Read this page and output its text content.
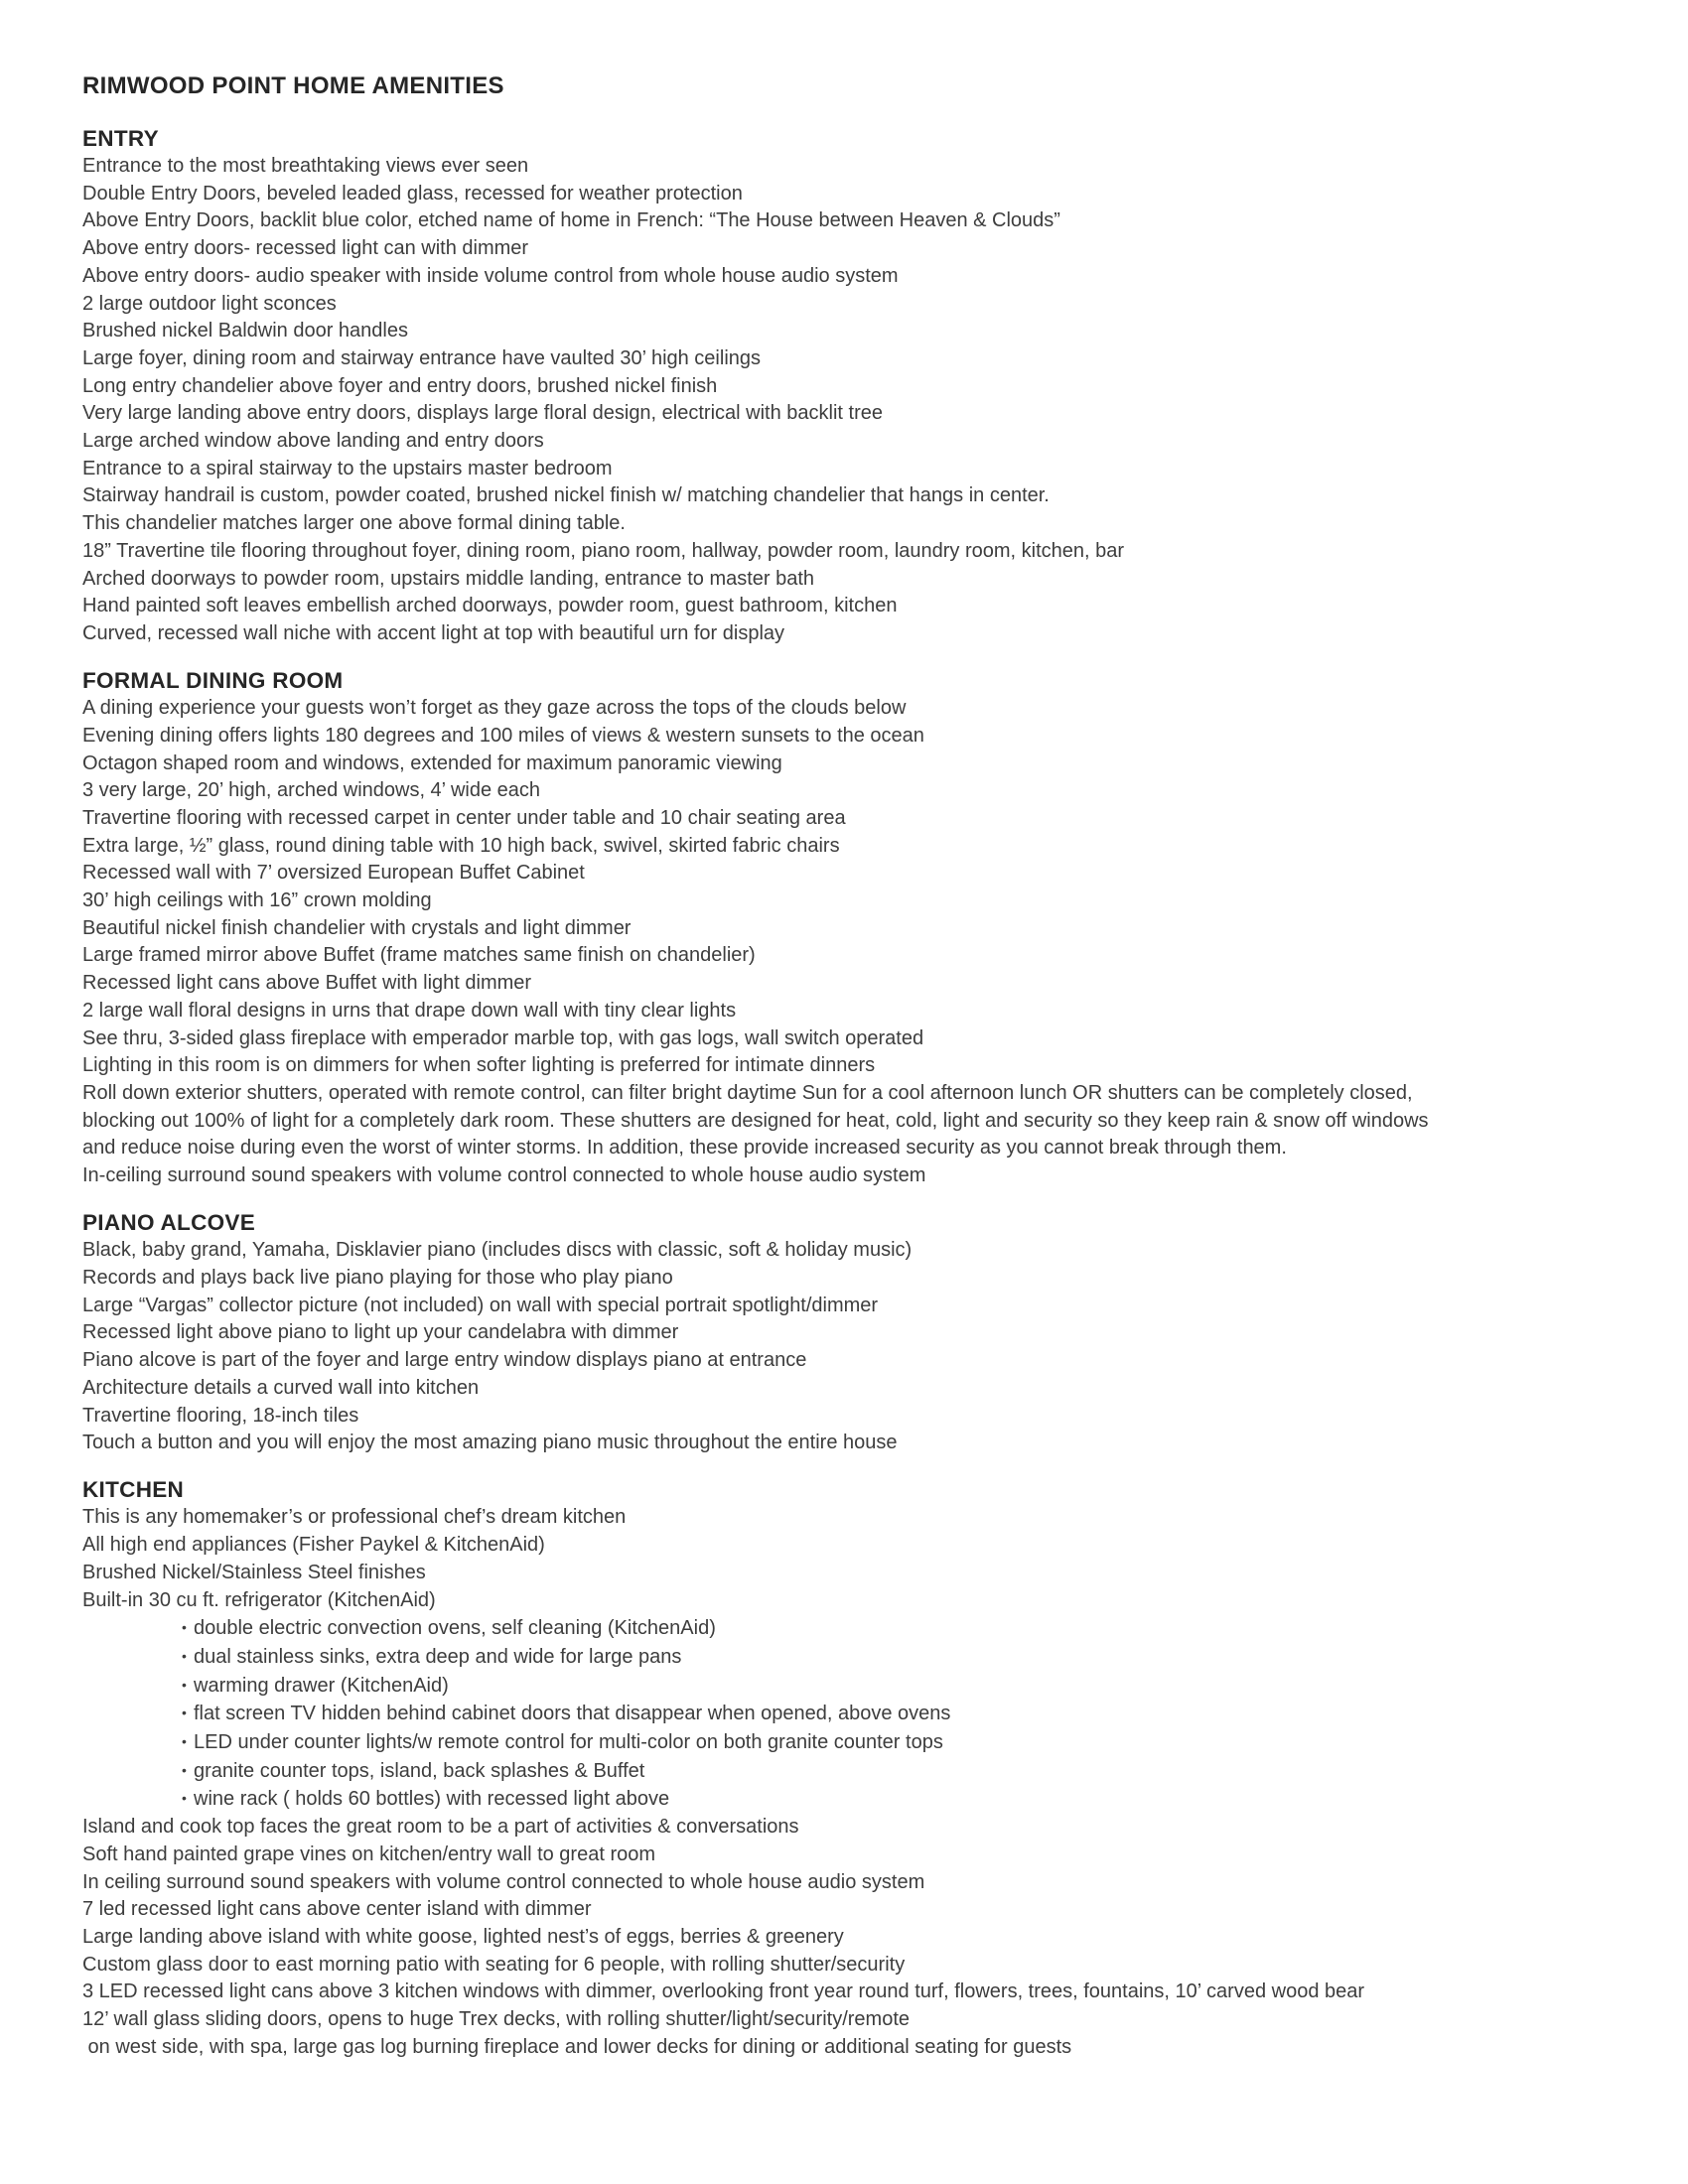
RIMWOOD POINT HOME AMENITIES
ENTRY
Entrance to the most breathtaking views ever seen
Double Entry Doors, beveled leaded glass, recessed for weather protection
Above Entry Doors, backlit blue color, etched name of home in French: “The House between Heaven & Clouds”
Above entry doors- recessed light can with dimmer
Above entry doors- audio speaker with inside volume control from whole house audio system
2 large outdoor light sconces
Brushed nickel Baldwin door handles
Large foyer, dining room and stairway entrance have vaulted 30’ high ceilings
Long entry chandelier above foyer and entry doors, brushed nickel finish
Very large landing above entry doors, displays large floral design, electrical with backlit tree
Large arched window above landing and entry doors
Entrance to a spiral stairway to the upstairs master bedroom
Stairway handrail is custom, powder coated, brushed nickel finish w/ matching chandelier that hangs in center.
This chandelier matches larger one above formal dining table.
18” Travertine tile flooring throughout foyer, dining room, piano room, hallway, powder room, laundry room, kitchen, bar
Arched doorways to powder room, upstairs middle landing, entrance to master bath
Hand painted soft leaves embellish arched doorways, powder room, guest bathroom, kitchen
Curved, recessed wall niche with accent light at top with beautiful urn for display
FORMAL DINING ROOM
A dining experience your guests won’t forget as they gaze across the tops of the clouds below
Evening dining offers lights 180 degrees and 100 miles of views & western sunsets to the ocean
Octagon shaped room and windows, extended for maximum panoramic viewing
3 very large, 20’ high, arched windows, 4’ wide each
Travertine flooring with recessed carpet in center under table and 10 chair seating area
Extra large, ½” glass, round dining table with 10 high back, swivel, skirted fabric chairs
Recessed wall with 7’ oversized European Buffet Cabinet
30’ high ceilings with 16” crown molding
Beautiful nickel finish chandelier with crystals and light dimmer
Large framed mirror above Buffet (frame matches same finish on chandelier)
Recessed light cans above Buffet with light dimmer
2 large wall floral designs in urns that drape down wall with tiny clear lights
See thru, 3-sided glass fireplace with emperador marble top, with gas logs, wall switch operated
Lighting in this room is on dimmers for when softer lighting is preferred for intimate dinners
Roll down exterior shutters, operated with remote control, can filter bright daytime Sun for a cool afternoon lunch OR shutters can be completely closed,
blocking out 100% of light for a completely dark room. These shutters are designed for heat, cold, light and security so they keep rain & snow off windows
and reduce noise during even the worst of winter storms. In addition, these provide increased security as you cannot break through them.
In-ceiling surround sound speakers with volume control connected to whole house audio system
PIANO ALCOVE
Black, baby grand, Yamaha, Disklavier piano (includes discs with classic, soft & holiday music)
Records and plays back live piano playing for those who play piano
Large “Vargas” collector picture (not included) on wall with special portrait spotlight/dimmer
Recessed light above piano to light up your candelabra with dimmer
Piano alcove is part of the foyer and large entry window displays piano at entrance
Architecture details a curved wall into kitchen
Travertine flooring, 18-inch tiles
Touch a button and you will enjoy the most amazing piano music throughout the entire house
KITCHEN
This is any homemaker’s or professional chef’s dream kitchen
All high end appliances (Fisher Paykel & KitchenAid)
Brushed Nickel/Stainless Steel finishes
Built-in 30 cu ft. refrigerator (KitchenAid)
• double electric convection ovens, self cleaning (KitchenAid)
• dual stainless sinks, extra deep and wide for large pans
• warming drawer (KitchenAid)
• flat screen TV hidden behind cabinet doors that disappear when opened, above ovens
• LED under counter lights/w remote control for multi-color on both granite counter tops
• granite counter tops, island, back splashes & Buffet
• wine rack ( holds 60 bottles) with recessed light above
Island and cook top faces the great room to be a part of activities & conversations
Soft hand painted grape vines on kitchen/entry wall to great room
In ceiling surround sound speakers with volume control connected to whole house audio system
7 led recessed light cans above center island with dimmer
Large landing above island with white goose, lighted nest’s of eggs, berries & greenery
Custom glass door to east morning patio with seating for 6 people, with rolling shutter/security
3 LED recessed light cans above 3 kitchen windows with dimmer, overlooking front year round turf, flowers, trees, fountains, 10’ carved wood bear
12’ wall glass sliding doors, opens to huge Trex decks, with rolling shutter/light/security/remote
on west side, with spa, large gas log burning fireplace and lower decks for dining or additional seating for guests
